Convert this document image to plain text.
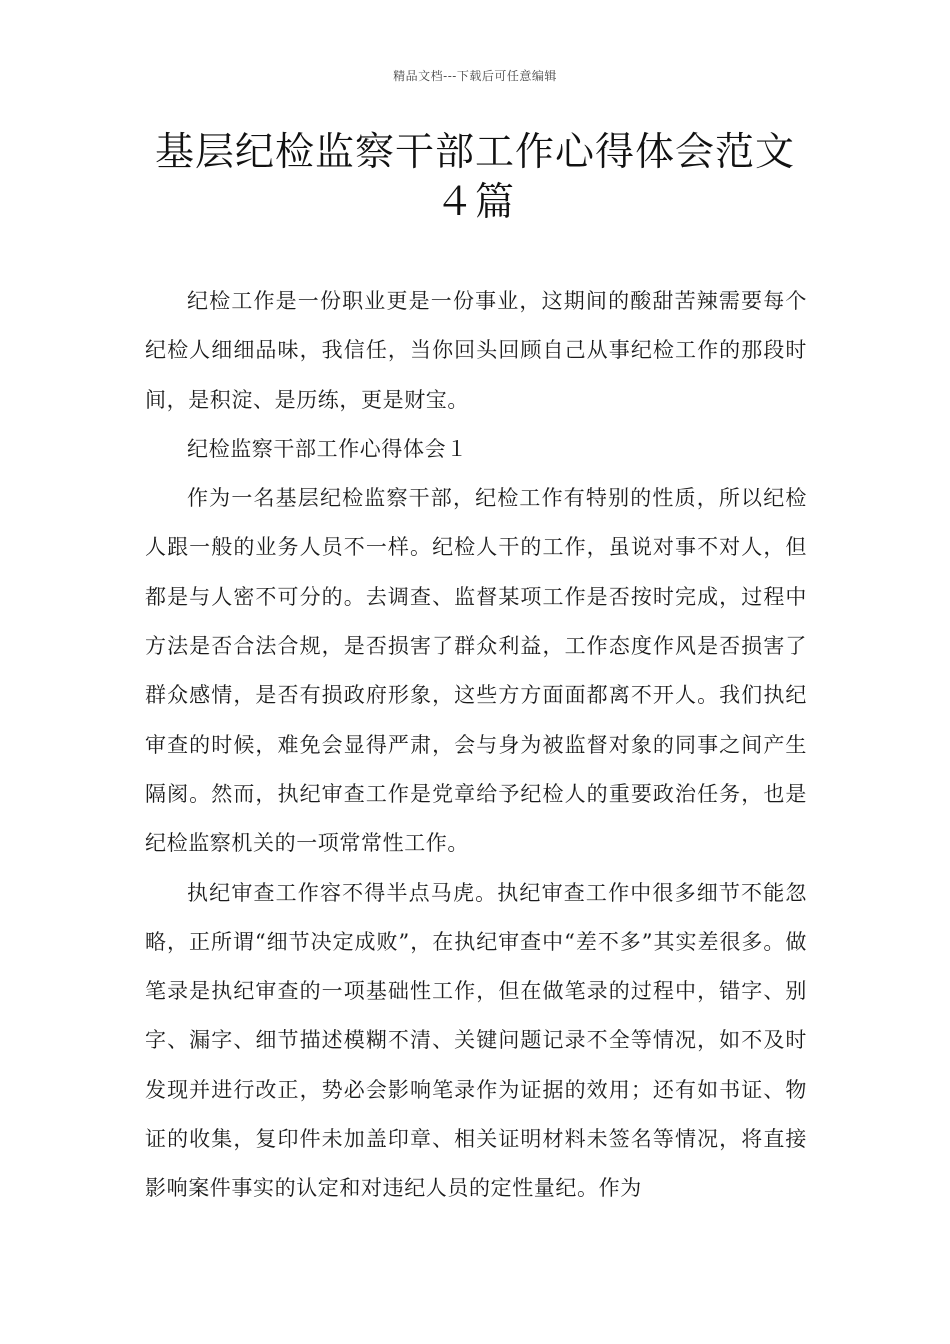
精品文档---下载后可任意编辑
基层纪检监察干部工作心得体会范文４篇

纪检工作是一份职业更是一份事业，这期间的酸甜苦辣需要每个纪检人细细品味，我信任，当你回头回顾自己从事纪检工作的那段时间，是积淀、是历练，更是财宝。

纪检监察干部工作心得体会１

作为一名基层纪检监察干部，纪检工作有特别的性质，所以纪检人跟一般的业务人员不一样。纪检人干的工作，虽说对事不对人，但都是与人密不可分的。去调查、监督某项工作是否按时完成，过程中方法是否合法合规，是否损害了群众利益，工作态度作风是否损害了群众感情，是否有损政府形象，这些方方面面都离不开人。我们执纪审查的时候，难免会显得严肃，会与身为被监督对象的同事之间产生隔阂。然而，执纪审查工作是党章给予纪检人的重要政治任务，也是纪检监察机关的一项常常性工作。

执纪审查工作容不得半点马虎。执纪审查工作中很多细节不能忽略，正所谓“细节决定成败”，在执纪审查中“差不多”其实差很多。做笔录是执纪审查的一项基础性工作，但在做笔录的过程中，错字、别字、漏字、细节描述模糊不清、关键问题记录不全等情况，如不及时发现并进行改正，势必会影响笔录作为证据的效用；还有如书证、物证的收集，复印件未加盖印章、相关证明材料未签名等情况，将直接影响案件事实的认定和对违纪人员的定性量纪。作为
